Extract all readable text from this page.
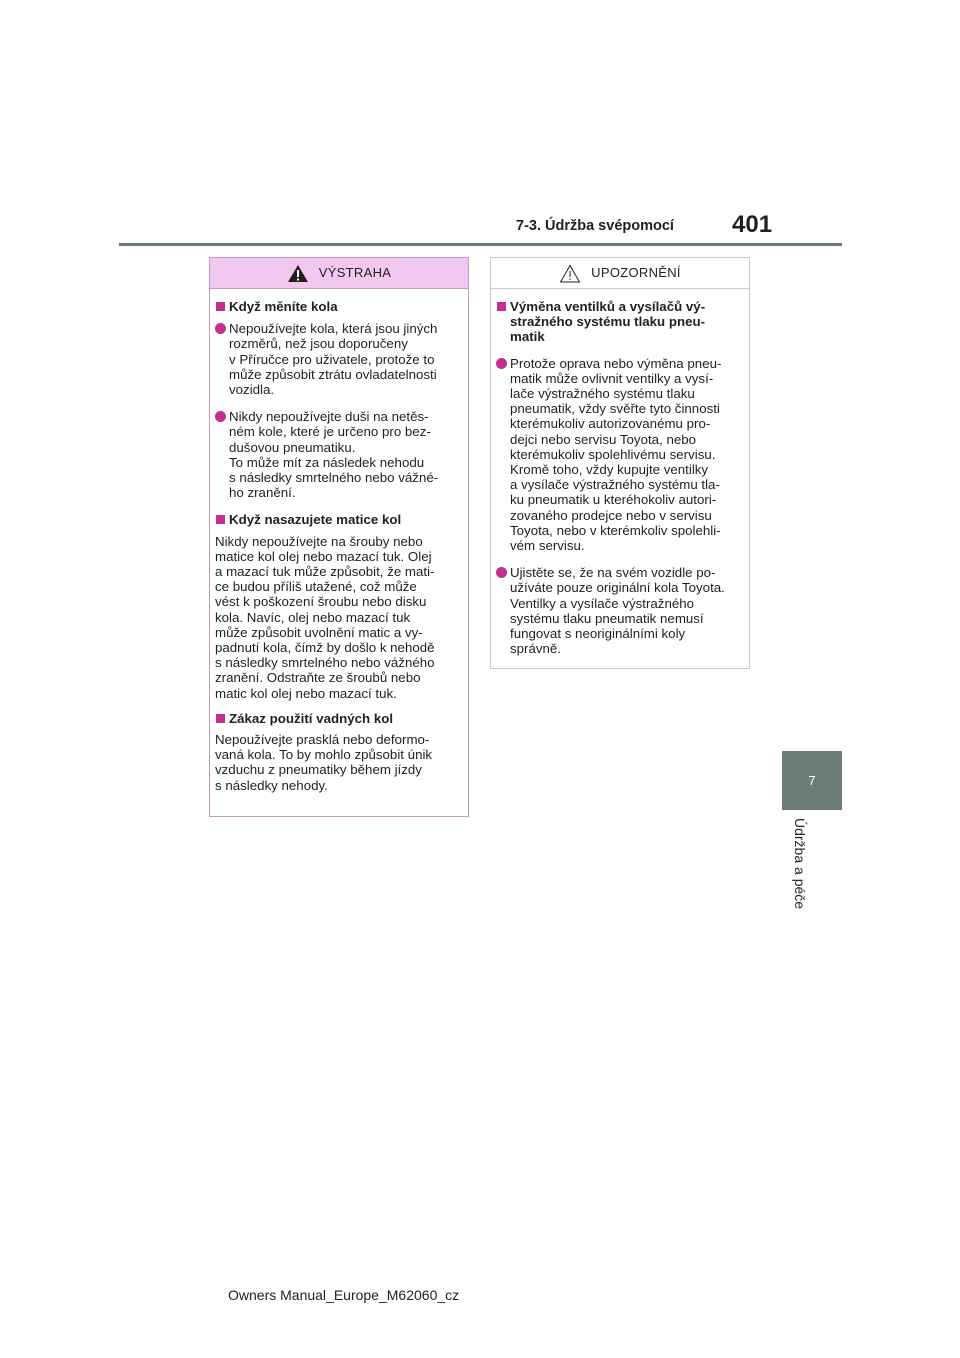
7-3. Údržba svépomocí 401
7
Údržba a péče
VÝSTRAHA
Když měníte kola
Nepoužívejte kola, která jsou jiných
rozměrů, než jsou doporučeny
v Příručce pro uživatele, protože to
může způsobit ztrátu ovladatelnosti
vozidla.
Nikdy nepoužívejte duši na netěs-
ném kole, které je určeno pro bez-
dušovou pneumatiku.
To může mít za následek nehodu
s následky smrtelného nebo vážné-
ho zranění.
Když nasazujete matice kol
Nikdy nepoužívejte na šrouby nebo
matice kol olej nebo mazací tuk. Olej
a mazací tuk může způsobit, že mati-
ce budou příliš utažené, což může
vést k poškození šroubu nebo disku
kola. Navíc, olej nebo mazací tuk
může způsobit uvolnění matic a vy-
padnutí kola, čímž by došlo k nehodě
s následky smrtelného nebo vážného
zranění. Odstraňte ze šroubů nebo
matic kol olej nebo mazací tuk.
Zákaz použití vadných kol
Nepoužívejte prasklá nebo deformo-
vaná kola. To by mohlo způsobit únik
vzduchu z pneumatiky během jízdy
s následky nehody.
UPOZORNĚNÍ
Výměna ventilků a vysílačů vý-
stražného systému tlaku pneu-
matik
Protože oprava nebo výměna pneu-
matik může ovlivnit ventilky a vysí-
lače výstražného systému tlaku
pneumatik, vždy svěřte tyto činnosti
kterémukoliv autorizovanému pro-
dejci nebo servisu Toyota, nebo
kterémukoliv spolehlivému servisu.
Kromě toho, vždy kupujte ventilky
a vysílače výstražného systému tla-
ku pneumatik u kteréhokoliv autori-
zovaného prodejce nebo v servisu
Toyota, nebo v kterémkoliv spolehli-
vém servisu.
Ujistěte se, že na svém vozidle po-
užíváte pouze originální kola Toyota.
Ventilky a vysílače výstražného
systému tlaku pneumatik nemusí
fungovat s neoriginálními koly
správně.
Owners Manual_Europe_M62060_cz
